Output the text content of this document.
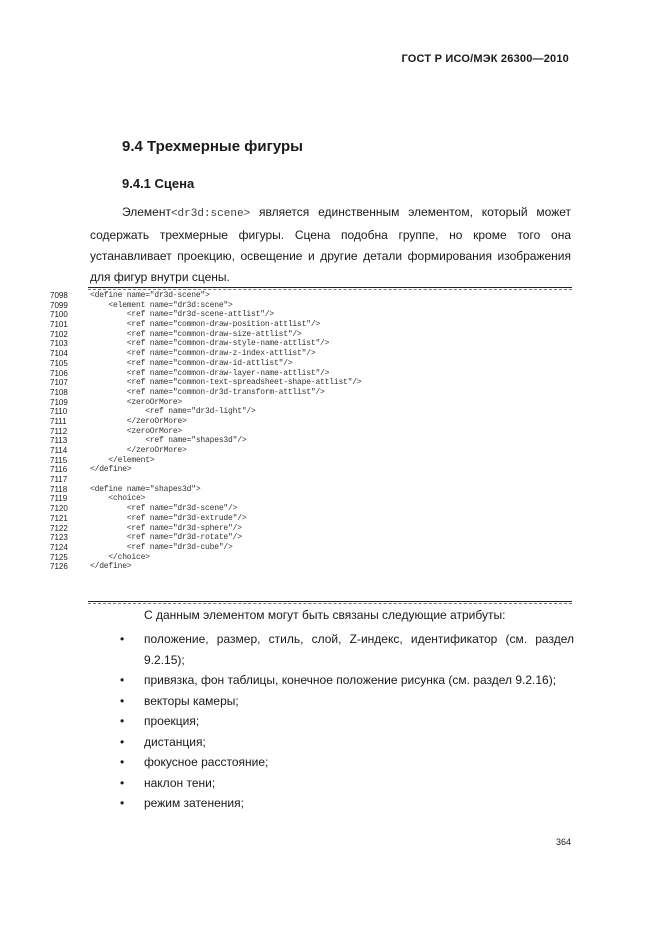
ГОСТ Р ИСО/МЭК 26300—2010
9.4 Трехмерные фигуры
9.4.1 Сцена
Элемент<dr3d:scene> является единственным элементом, который может содержать трехмерные фигуры. Сцена подобна группе, но кроме того она устанавливает проекцию, освещение и другие детали формирования изображения для фигур внутри сцены.
7098	<define name="dr3d-scene">
7099	<element name="dr3d:scene">
7100	<ref name="dr3d-scene-attlist"/>
7101	<ref name="common-draw-position-attlist"/>
7102	<ref name="common-draw-size-attlist"/>
7103	<ref name="common-draw-style-name-attlist"/>
7104	<ref name="common-draw-z-index-attlist"/>
7105	<ref name="common-draw-id-attlist"/>
7106	<ref name="common-draw-layer-name-attlist"/>
7107	<ref name="common-text-spreadsheet-shape-attlist"/>
7108	<ref name="common-dr3d-transform-attlist"/>
7109	<zeroOrMore>
7110	<ref name="dr3d-light"/>
7111	</zeroOrMore>
7112	<zeroOrMore>
7113	<ref name="shapes3d"/>
7114	</zeroOrMore>
7115	</element>
7116	</define>
7117
7118	<define name="shapes3d">
7119	<choice>
7120	<ref name="dr3d-scene"/>
7121	<ref name="dr3d-extrude"/>
7122	<ref name="dr3d-sphere"/>
7123	<ref name="dr3d-rotate"/>
7124	<ref name="dr3d-cube"/>
7125	</choice>
7126	</define>
С данным элементом могут быть связаны следующие атрибуты:
• положение, размер, стиль, слой, Z-индекс, идентификатор (см. раздел 9.2.15);
• привязка, фон таблицы, конечное положение рисунка (см. раздел 9.2.16);
• векторы камеры;
• проекция;
• дистанция;
• фокусное расстояние;
• наклон тени;
• режим затенения;
364
